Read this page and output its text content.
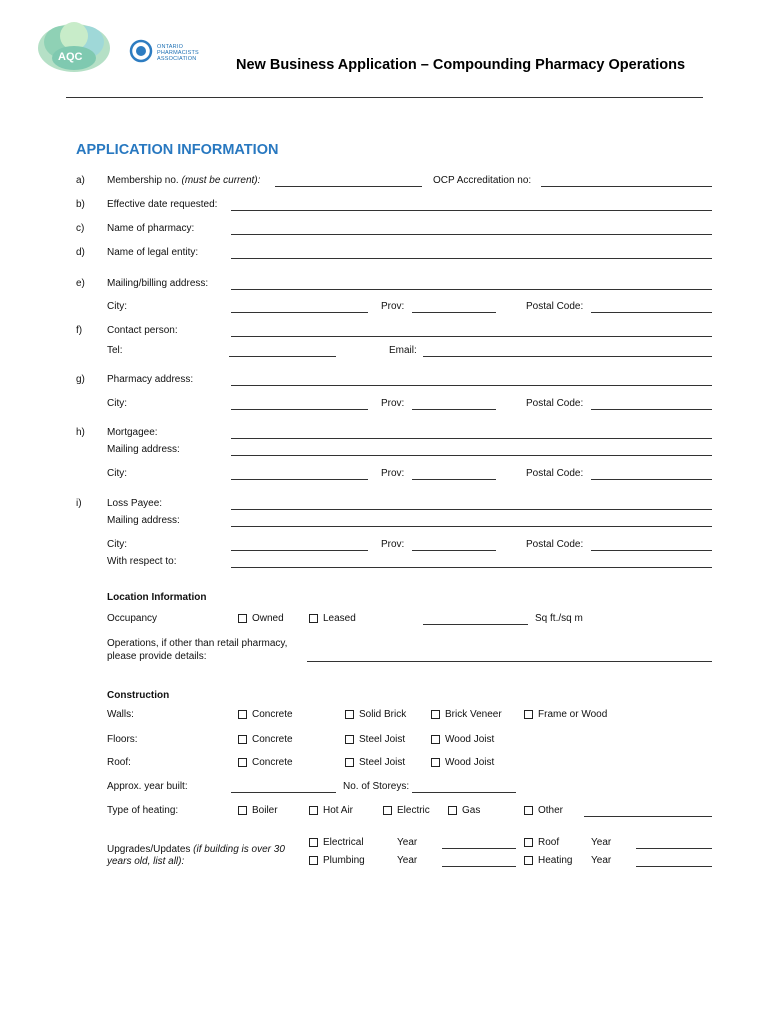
AQC
ONTARIO
PHARMACISTS
ASSOCIATION	New Business Application – Compounding Pharmacy Operations
APPLICATION INFORMATION
a) Membership no. (must be current):	OCP Accreditation no:
b) Effective date requested:
c) Name of pharmacy:
d) Name of legal entity:
e) Mailing/billing address:
City:	Prov:	Postal Code:
f) Contact person:
Tel:	Email:
g) Pharmacy address:
City:	Prov:	Postal Code:
h) Mortgagee:
Mailing address:
City:	Prov:	Postal Code:
i)	Loss Payee:
Mailing address:
City:	Prov:	Postal Code:
With respect to:
Location Information
Occupancy	Owned	Leased	Sq ft./sq m
Operations, if other than retail pharmacy,
please provide details:
Construction
Walls:	Concrete	Solid Brick	Brick Veneer	Frame or Wood
Floors:	Concrete	Steel Joist	Wood Joist
Roof:	Concrete	Steel Joist	Wood Joist
Approx. year built:	No. of Storeys:
Type of heating:	Boiler	Hot Air	Electric	Gas	Other
Upgrades/Updates (if building is over 30
years old, list all):
Electrical	Year	Roof	Year
Plumbing	Year	Heating Year
